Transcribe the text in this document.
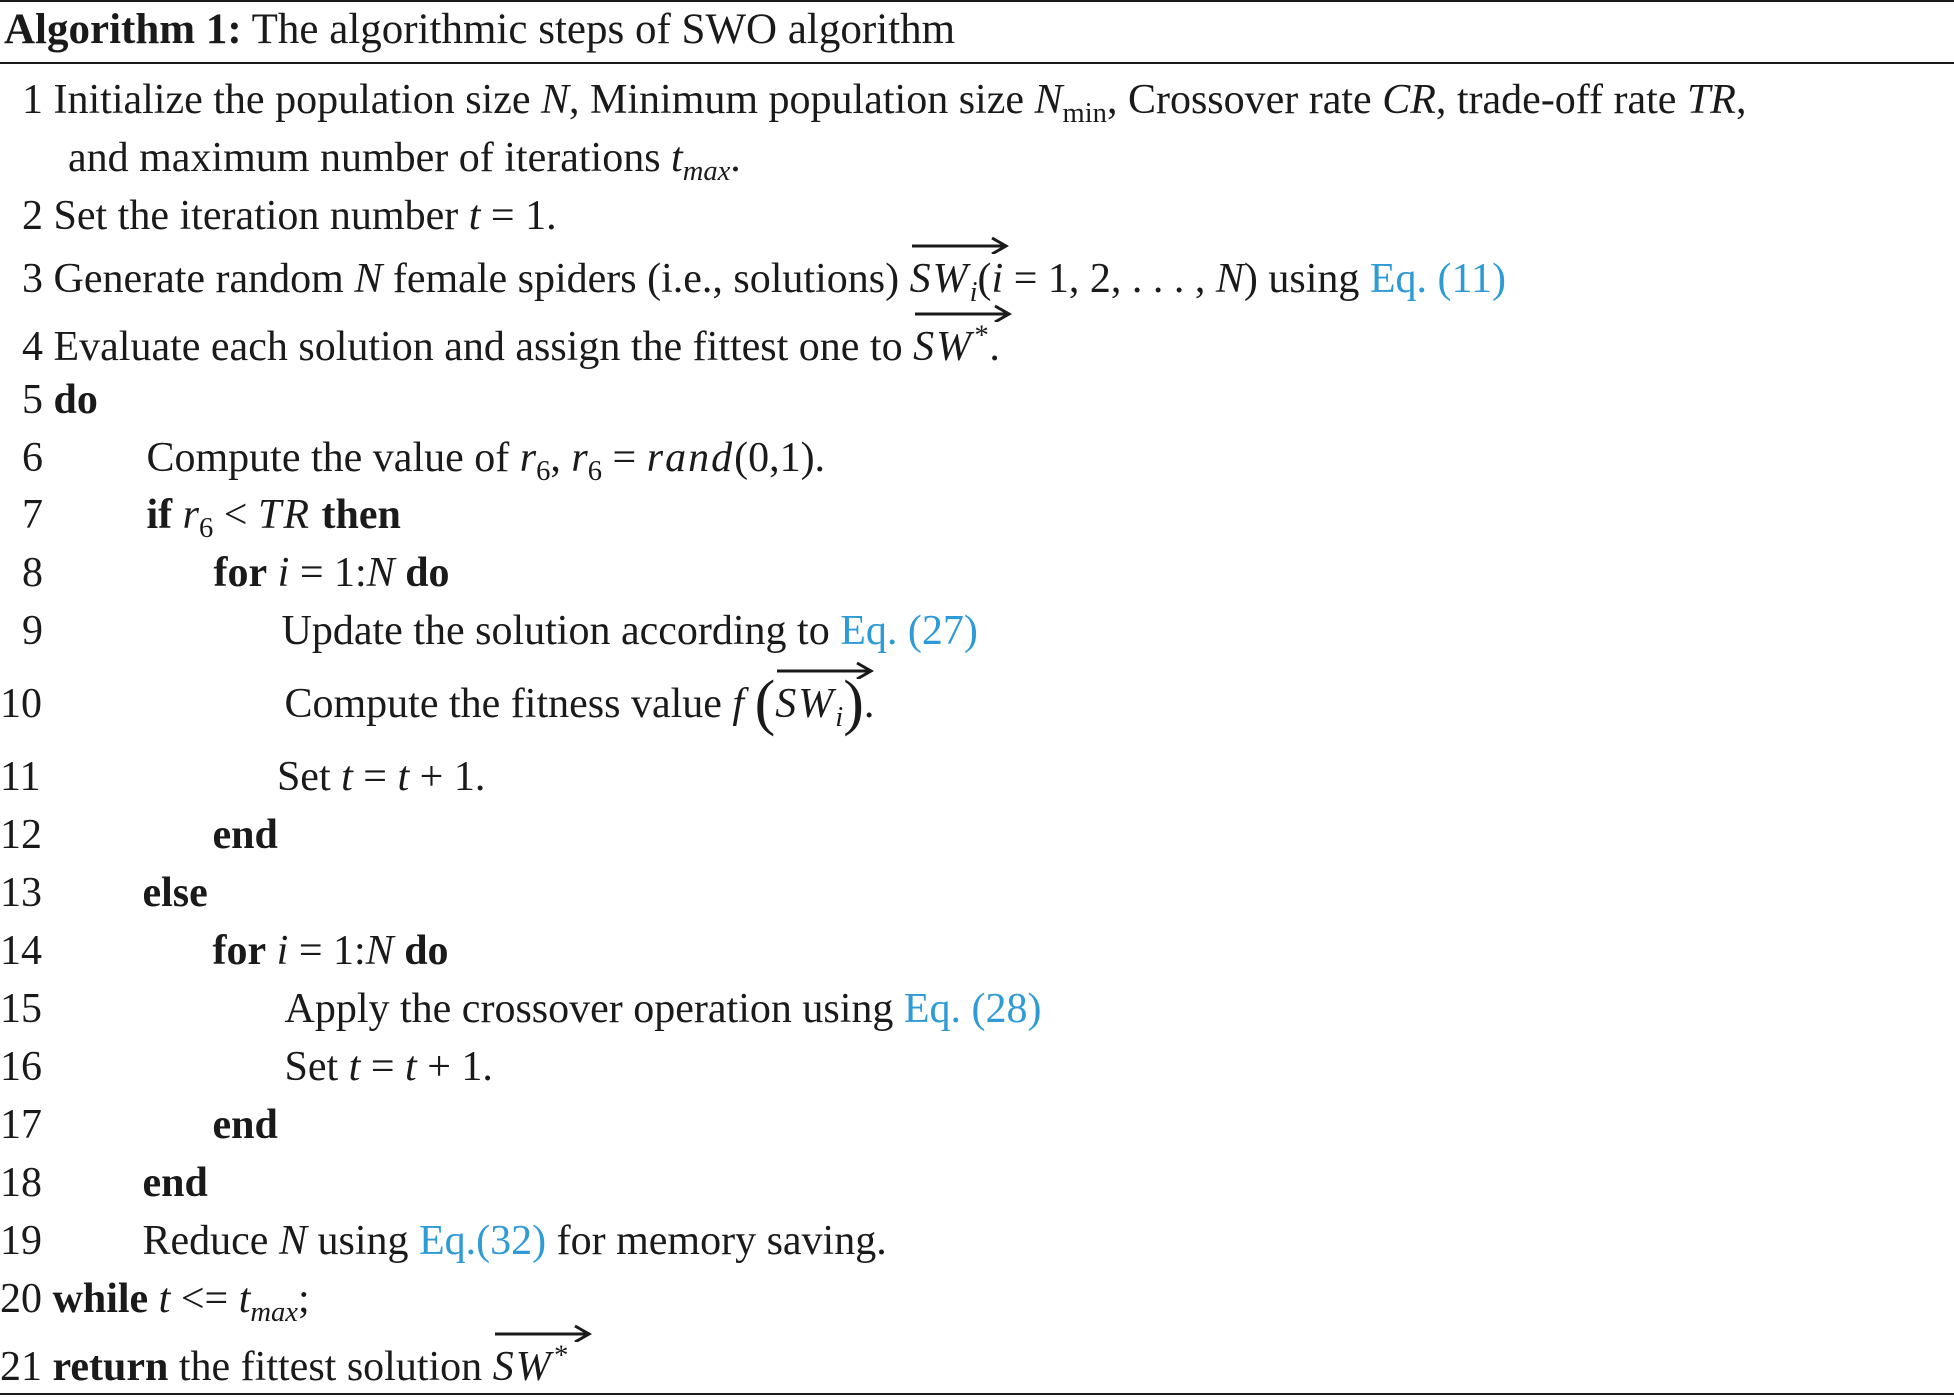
Algorithm 1: The algorithmic steps of SWO algorithm
1 Initialize the population size N, Minimum population size $N_{min}$, Crossover rate CR, trade-off rate TR,
and maximum number of iterations $t_{max}$.
2 Set the iteration number t = 1.
3 Generate random N female spiders (i.e., solutions)
$SW_i(i = 1$, 2, . . . , N) using Eq. (11)
4 Evaluate each solution and assign the fittest one to
SW*.
5 do
6 Compute the value of $r_6$, $r_6$ = rand(0,1).
7 if $r_6$ < TR then
8	for i = 1:N do
9	Update the solution according to Eq. (27)
10	Compute the fitness value f (
$SW_i$).
11	Set t = t + 1.
12	end
13 else
14	for i = 1:N do
15	Apply the crossover operation using Eq. (28)
16	Set t = t + 1.
17	end
18 end
19 Reduce N using Eq.(32) for memory saving.
20 while $t <= t_{max}$;
21 return the fittest solution
SW*
